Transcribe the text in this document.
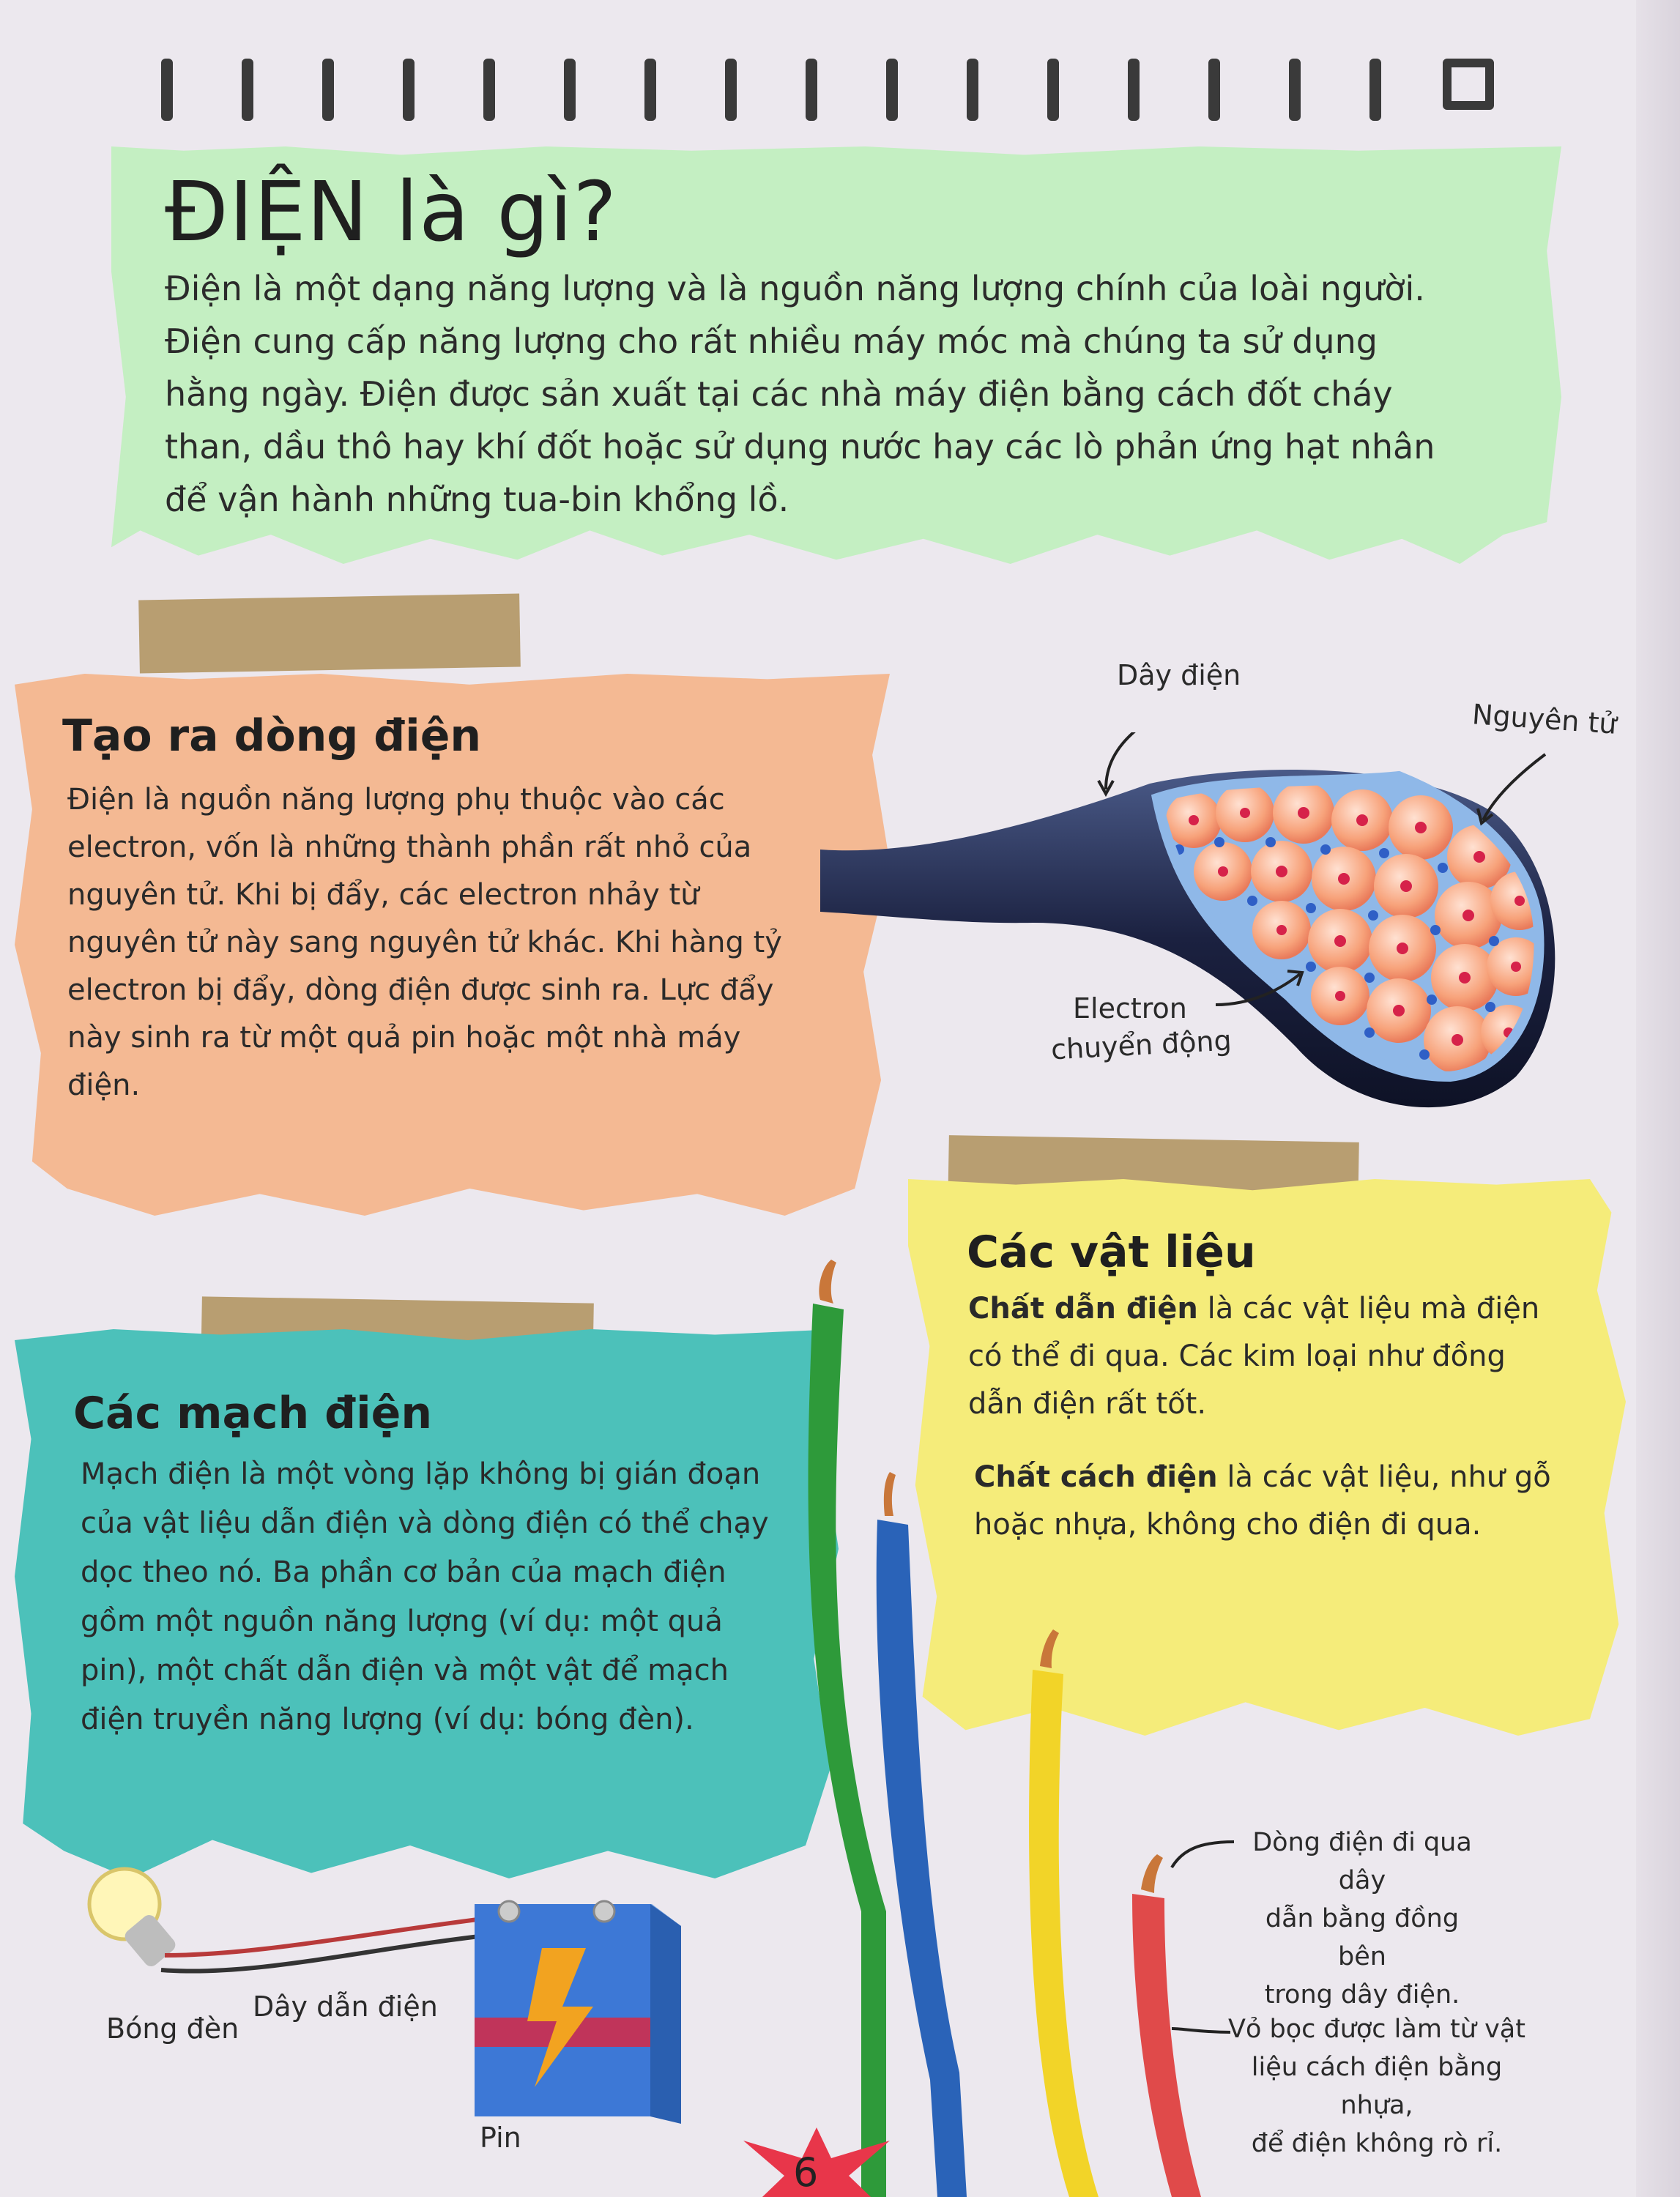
ĐIỆN là gì?

Điện là một dạng năng lượng và là nguồn năng lượng chính của loài người. Điện cung cấp năng lượng cho rất nhiều máy móc mà chúng ta sử dụng hằng ngày. Điện được sản xuất tại các nhà máy điện bằng cách đốt cháy than, dầu thô hay khí đốt hoặc sử dụng nước hay các lò phản ứng hạt nhân để vận hành những tua-bin khổng lồ.

Tạo ra dòng điện

Điện là nguồn năng lượng phụ thuộc vào các electron, vốn là những thành phần rất nhỏ của nguyên tử. Khi bị đẩy, các electron nhảy từ nguyên tử này sang nguyên tử khác. Khi hàng tỷ electron bị đẩy, dòng điện được sinh ra. Lực đẩy này sinh ra từ một quả pin hoặc một nhà máy điện.

Dây điện
Nguyên tử
Electron
chuyển động
Các mạch điện

Mạch điện là một vòng lặp không bị gián đoạn của vật liệu dẫn điện và dòng điện có thể chạy dọc theo nó. Ba phần cơ bản của mạch điện gồm một nguồn năng lượng (ví dụ: một quả pin), một chất dẫn điện và một vật để mạch điện truyền năng lượng (ví dụ: bóng đèn).

Các vật liệu

Chất dẫn điện là các vật liệu mà điện có thể đi qua. Các kim loại như đồng dẫn điện rất tốt.

Chất cách điện là các vật liệu, như gỗ hoặc nhựa, không cho điện đi qua.

Dòng điện đi qua dây
dẫn bằng đồng bên
trong dây điện.
Vỏ bọc được làm từ vật
liệu cách điện bằng nhựa,
để điện không rò rỉ.
Bóng đèn
Dây dẫn điện
Pin
6
